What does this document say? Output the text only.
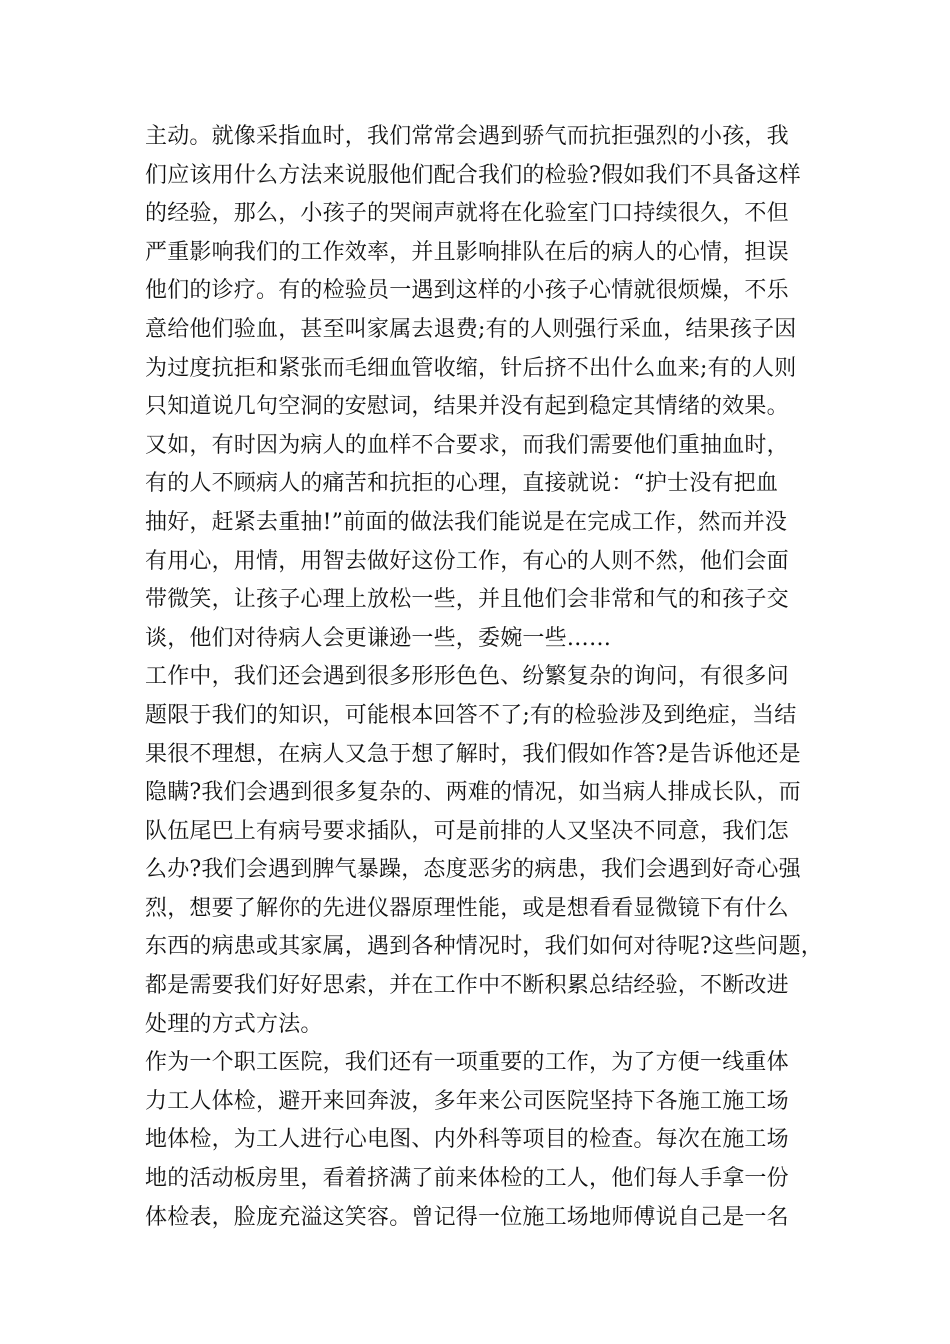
主动。就像采指血时，我们常常会遇到骄气而抗拒强烈的小孩，我
们应该用什么方法来说服他们配合我们的检验?假如我们不具备这样
的经验，那么，小孩子的哭闹声就将在化验室门口持续很久，不但
严重影响我们的工作效率，并且影响排队在后的病人的心情，担误
他们的诊疗。有的检验员一遇到这样的小孩子心情就很烦燥，不乐
意给他们验血，甚至叫家属去退费;有的人则强行采血，结果孩子因
为过度抗拒和紧张而毛细血管收缩，针后挤不出什么血来;有的人则
只知道说几句空洞的安慰词，结果并没有起到稳定其情绪的效果。
又如，有时因为病人的血样不合要求，而我们需要他们重抽血时，
有的人不顾病人的痛苦和抗拒的心理，直接就说：“护士没有把血
抽好，赶紧去重抽!”前面的做法我们能说是在完成工作，然而并没
有用心，用情，用智去做好这份工作，有心的人则不然，他们会面
带微笑，让孩子心理上放松一些，并且他们会非常和气的和孩子交
谈，他们对待病人会更谦逊一些，委婉一些……
工作中，我们还会遇到很多形形色色、纷繁复杂的询问，有很多问
题限于我们的知识，可能根本回答不了;有的检验涉及到绝症，当结
果很不理想，在病人又急于想了解时，我们假如作答?是告诉他还是
隐瞒?我们会遇到很多复杂的、两难的情况，如当病人排成长队，而
队伍尾巴上有病号要求插队，可是前排的人又坚决不同意，我们怎
么办?我们会遇到脾气暴躁，态度恶劣的病患，我们会遇到好奇心强
烈，想要了解你的先进仪器原理性能，或是想看看显微镜下有什么
东西的病患或其家属，遇到各种情况时，我们如何对待呢?这些问题，
都是需要我们好好思索，并在工作中不断积累总结经验，不断改进
处理的方式方法。
作为一个职工医院，我们还有一项重要的工作，为了方便一线重体
力工人体检，避开来回奔波，多年来公司医院坚持下各施工施工场
地体检，为工人进行心电图、内外科等项目的检查。每次在施工场
地的活动板房里，看着挤满了前来体检的工人，他们每人手拿一份
体检表，脸庞充溢这笑容。曾记得一位施工场地师傅说自己是一名
